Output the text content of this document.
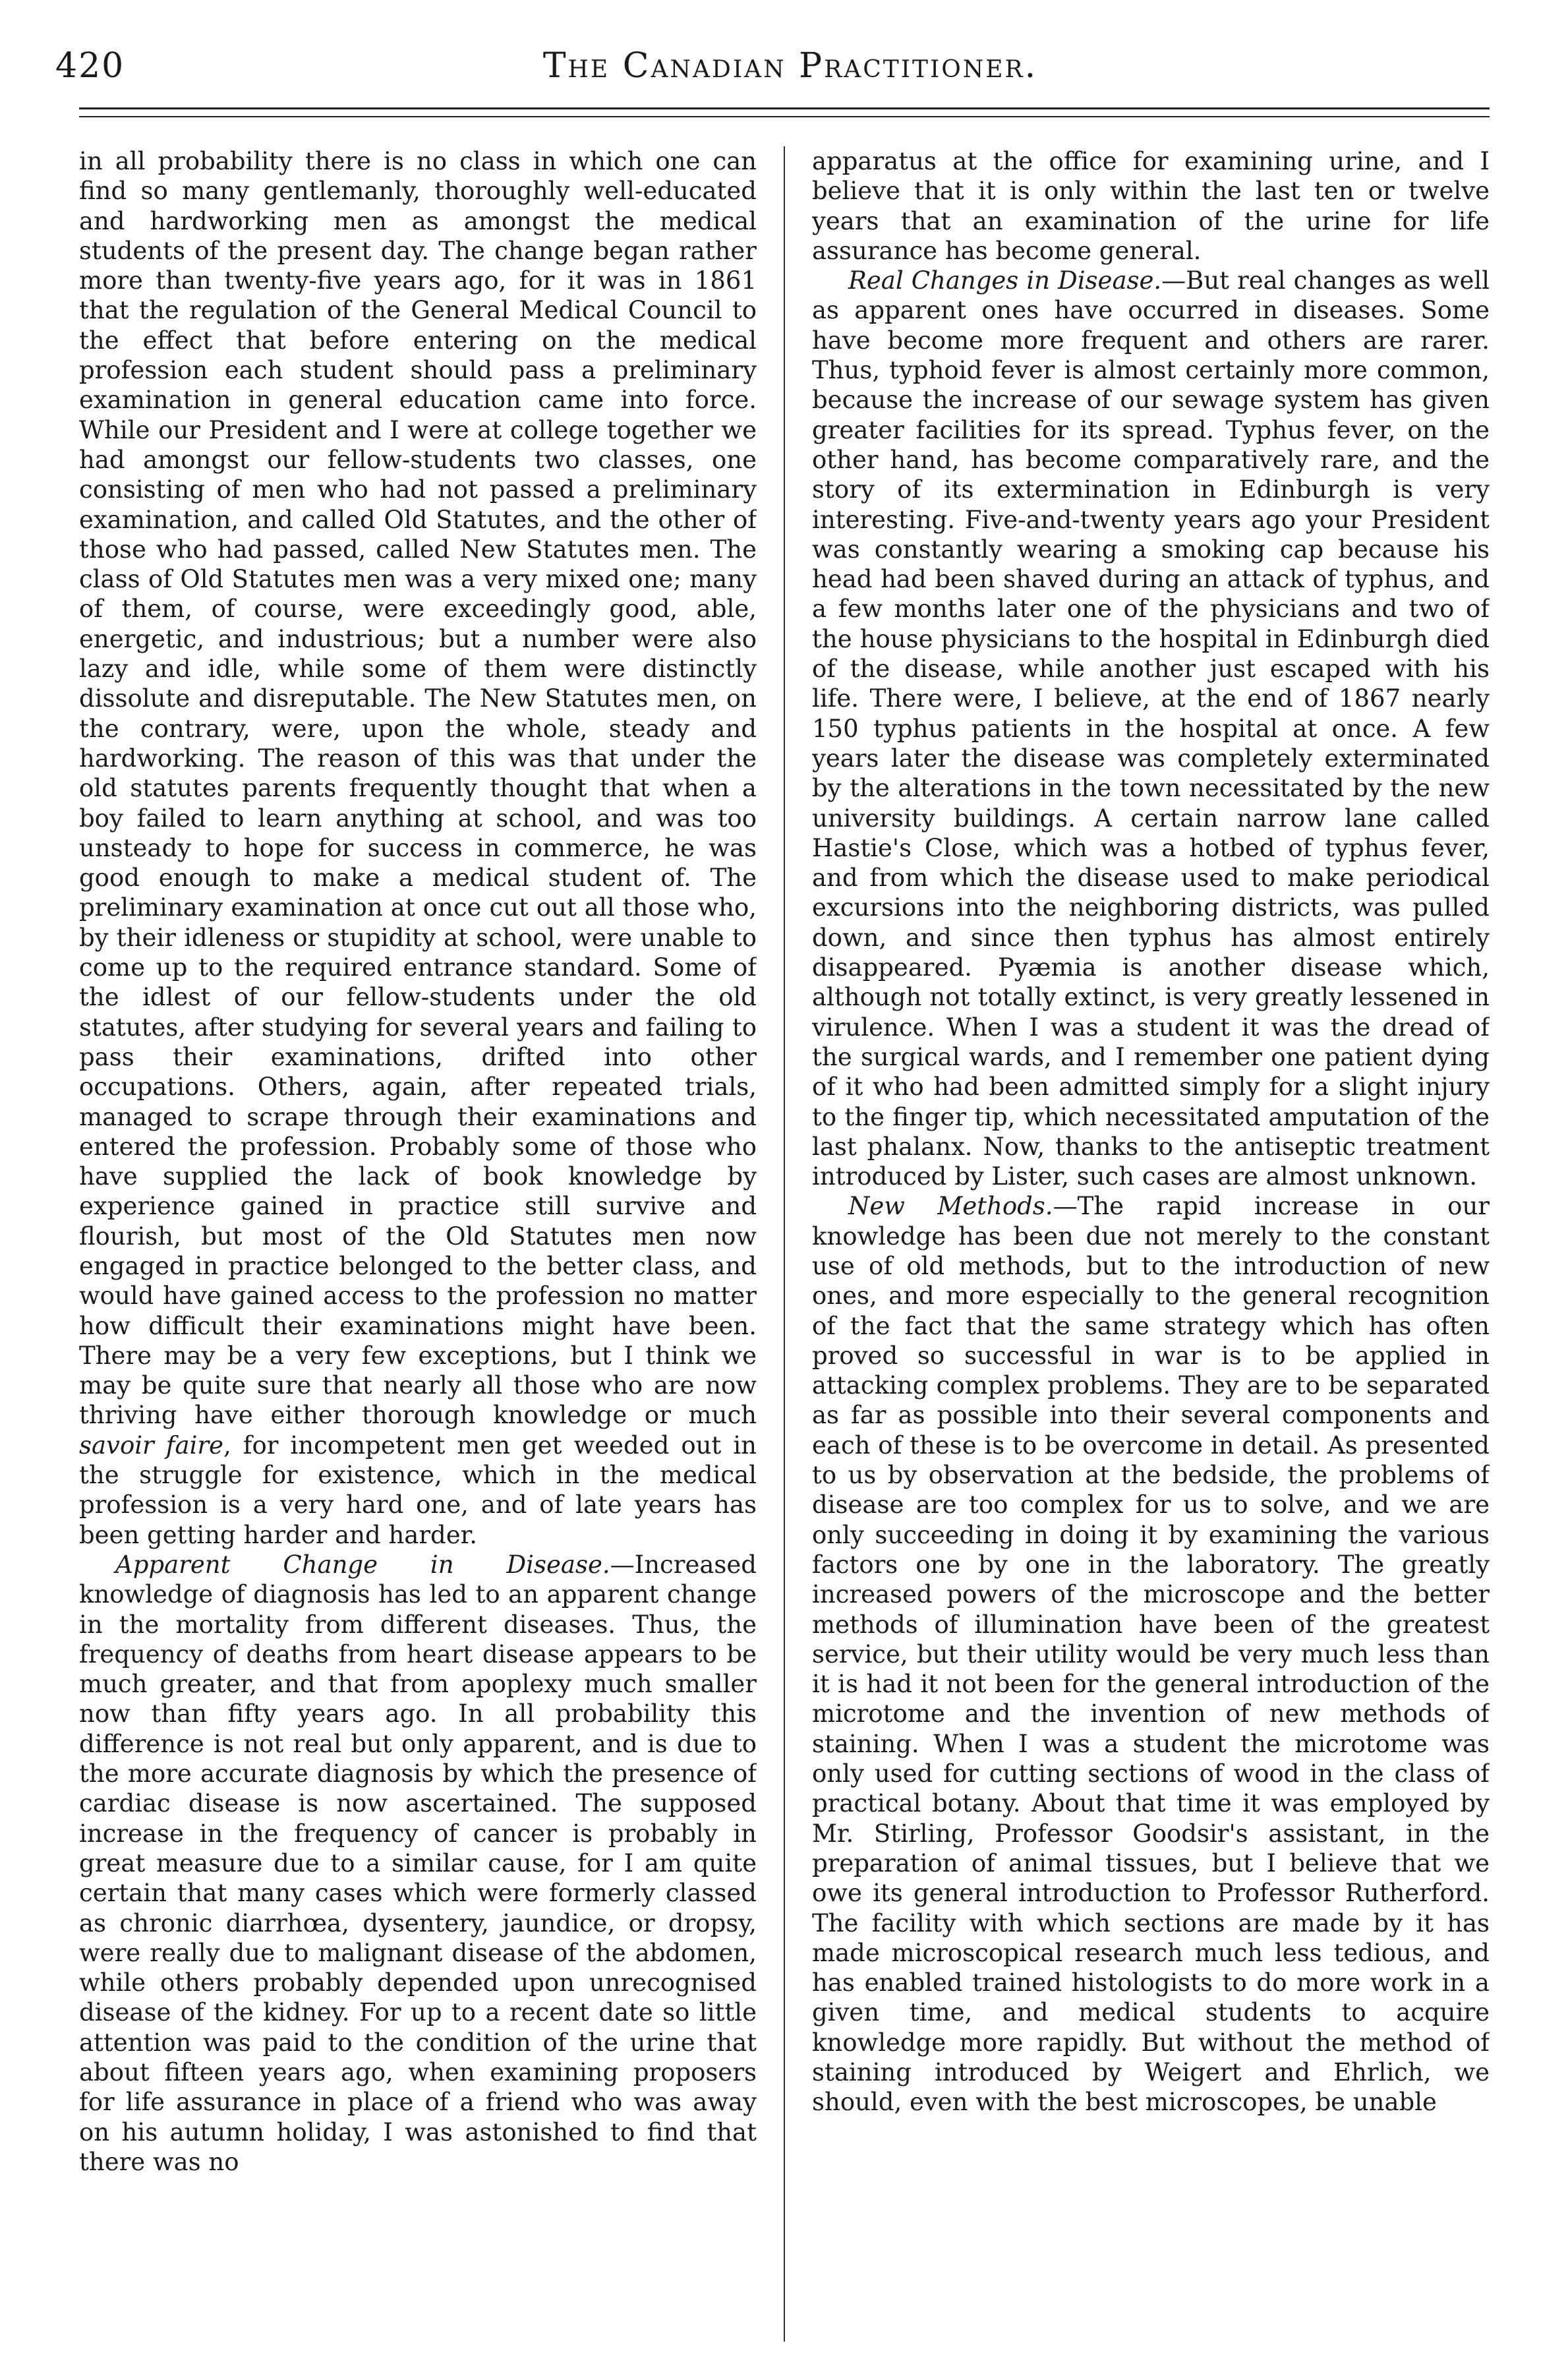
420	The Canadian Practitioner.

in all probability there is no class in which one can find so many gentlemanly, thoroughly well-educated and hardworking men as amongst the medical students of the present day. The change began rather more than twenty-five years ago, for it was in 1861 that the regulation of the General Medical Council to the effect that before entering on the medical profession each student should pass a preliminary examination in general education came into force. While our President and I were at college together we had amongst our fellow-students two classes, one consisting of men who had not passed a preliminary examination, and called Old Statutes, and the other of those who had passed, called New Statutes men. The class of Old Statutes men was a very mixed one; many of them, of course, were exceedingly good, able, energetic, and industrious; but a number were also lazy and idle, while some of them were distinctly dissolute and disreputable. The New Statutes men, on the contrary, were, upon the whole, steady and hardworking. The reason of this was that under the old statutes parents frequently thought that when a boy failed to learn anything at school, and was too unsteady to hope for success in commerce, he was good enough to make a medical student of. The preliminary examination at once cut out all those who, by their idleness or stupidity at school, were unable to come up to the required entrance standard. Some of the idlest of our fellow-students under the old statutes, after studying for several years and failing to pass their examinations, drifted into other occupations. Others, again, after repeated trials, managed to scrape through their examinations and entered the profession. Probably some of those who have supplied the lack of book knowledge by experience gained in practice still survive and flourish, but most of the Old Statutes men now engaged in practice belonged to the better class, and would have gained access to the profession no matter how difficult their examinations might have been. There may be a very few exceptions, but I think we may be quite sure that nearly all those who are now thriving have either thorough knowledge or much savoir faire, for incompetent men get weeded out in the struggle for existence, which in the medical profession is a very hard one, and of late years has been getting harder and harder.

Apparent Change in Disease.—Increased knowledge of diagnosis has led to an apparent change in the mortality from different diseases. Thus, the frequency of deaths from heart disease appears to be much greater, and that from apoplexy much smaller now than fifty years ago. In all probability this difference is not real but only apparent, and is due to the more accurate diagnosis by which the presence of cardiac disease is now ascertained. The supposed increase in the frequency of cancer is probably in great measure due to a similar cause, for I am quite certain that many cases which were formerly classed as chronic diarrhœa, dysentery, jaundice, or dropsy, were really due to malignant disease of the abdomen, while others probably depended upon unrecognised disease of the kidney. For up to a recent date so little attention was paid to the condition of the urine that about fifteen years ago, when examining proposers for life assurance in place of a friend who was away on his autumn holiday, I was astonished to find that there was no

apparatus at the office for examining urine, and I believe that it is only within the last ten or twelve years that an examination of the urine for life assurance has become general.

Real Changes in Disease.—But real changes as well as apparent ones have occurred in diseases. Some have become more frequent and others are rarer. Thus, typhoid fever is almost certainly more common, because the increase of our sewage system has given greater facilities for its spread. Typhus fever, on the other hand, has become comparatively rare, and the story of its extermination in Edinburgh is very interesting. Five-and-twenty years ago your President was constantly wearing a smoking cap because his head had been shaved during an attack of typhus, and a few months later one of the physicians and two of the house physicians to the hospital in Edinburgh died of the disease, while another just escaped with his life. There were, I believe, at the end of 1867 nearly 150 typhus patients in the hospital at once. A few years later the disease was completely exterminated by the alterations in the town necessitated by the new university buildings. A certain narrow lane called Hastie's Close, which was a hotbed of typhus fever, and from which the disease used to make periodical excursions into the neighboring districts, was pulled down, and since then typhus has almost entirely disappeared. Pyæmia is another disease which, although not totally extinct, is very greatly lessened in virulence. When I was a student it was the dread of the surgical wards, and I remember one patient dying of it who had been admitted simply for a slight injury to the finger tip, which necessitated amputation of the last phalanx. Now, thanks to the antiseptic treatment introduced by Lister, such cases are almost unknown.

New Methods.—The rapid increase in our knowledge has been due not merely to the constant use of old methods, but to the introduction of new ones, and more especially to the general recognition of the fact that the same strategy which has often proved so successful in war is to be applied in attacking complex problems. They are to be separated as far as possible into their several components and each of these is to be overcome in detail. As presented to us by observation at the bedside, the problems of disease are too complex for us to solve, and we are only succeeding in doing it by examining the various factors one by one in the laboratory. The greatly increased powers of the microscope and the better methods of illumination have been of the greatest service, but their utility would be very much less than it is had it not been for the general introduction of the microtome and the invention of new methods of staining. When I was a student the microtome was only used for cutting sections of wood in the class of practical botany. About that time it was employed by Mr. Stirling, Professor Goodsir's assistant, in the preparation of animal tissues, but I believe that we owe its general introduction to Professor Rutherford. The facility with which sections are made by it has made microscopical research much less tedious, and has enabled trained histologists to do more work in a given time, and medical students to acquire knowledge more rapidly. But without the method of staining introduced by Weigert and Ehrlich, we should, even with the best microscopes, be unable
